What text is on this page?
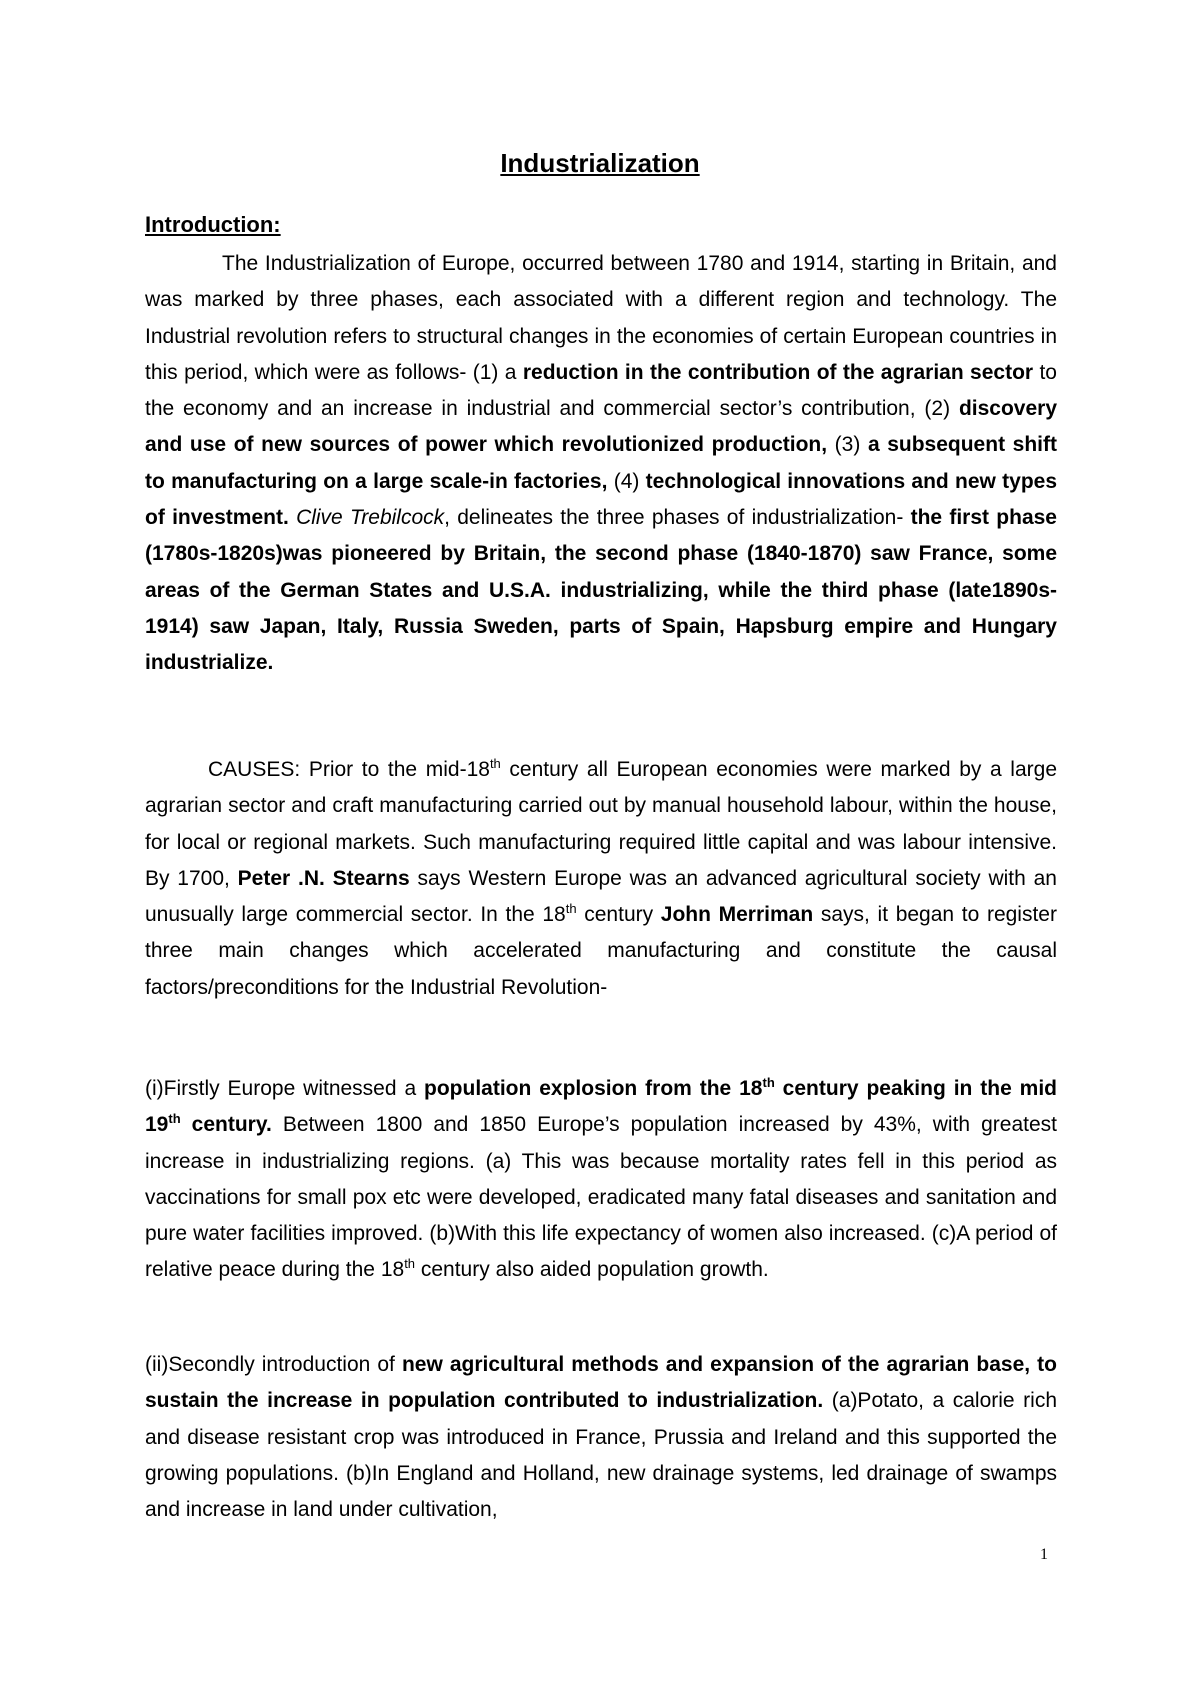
Industrialization
Introduction:

The Industrialization of Europe, occurred between 1780 and 1914, starting in Britain, and was marked by three phases, each associated with a different region and technology. The Industrial revolution refers to structural changes in the economies of certain European countries in this period, which were as follows- (1) a reduction in the contribution of the agrarian sector to the economy and an increase in industrial and commercial sector’s contribution, (2) discovery and use of new sources of power which revolutionized production, (3) a subsequent shift to manufacturing on a large scale-in factories, (4) technological innovations and new types of investment. Clive Trebilcock, delineates the three phases of industrialization- the first phase (1780s-1820s)was pioneered by Britain, the second phase (1840-1870) saw France, some areas of the German States and U.S.A. industrializing, while the third phase (late1890s-1914) saw Japan, Italy, Russia Sweden, parts of Spain, Hapsburg empire and Hungary industrialize.

CAUSES: Prior to the mid-18th century all European economies were marked by a large agrarian sector and craft manufacturing carried out by manual household labour, within the house, for local or regional markets. Such manufacturing required little capital and was labour intensive. By 1700, Peter .N. Stearns says Western Europe was an advanced agricultural society with an unusually large commercial sector. In the 18th century John Merriman says, it began to register three main changes which accelerated manufacturing and constitute the causal factors/preconditions for the Industrial Revolution-

(i)Firstly Europe witnessed a population explosion from the 18th century peaking in the mid 19th century. Between 1800 and 1850 Europe’s population increased by 43%, with greatest increase in industrializing regions. (a) This was because mortality rates fell in this period as vaccinations for small pox etc were developed, eradicated many fatal diseases and sanitation and pure water facilities improved. (b)With this life expectancy of women also increased. (c)A period of relative peace during the 18th century also aided population growth.

(ii)Secondly introduction of new agricultural methods and expansion of the agrarian base, to sustain the increase in population contributed to industrialization. (a)Potato, a calorie rich and disease resistant crop was introduced in France, Prussia and Ireland and this supported the growing populations. (b)In England and Holland, new drainage systems, led drainage of swamps and increase in land under cultivation,

1
